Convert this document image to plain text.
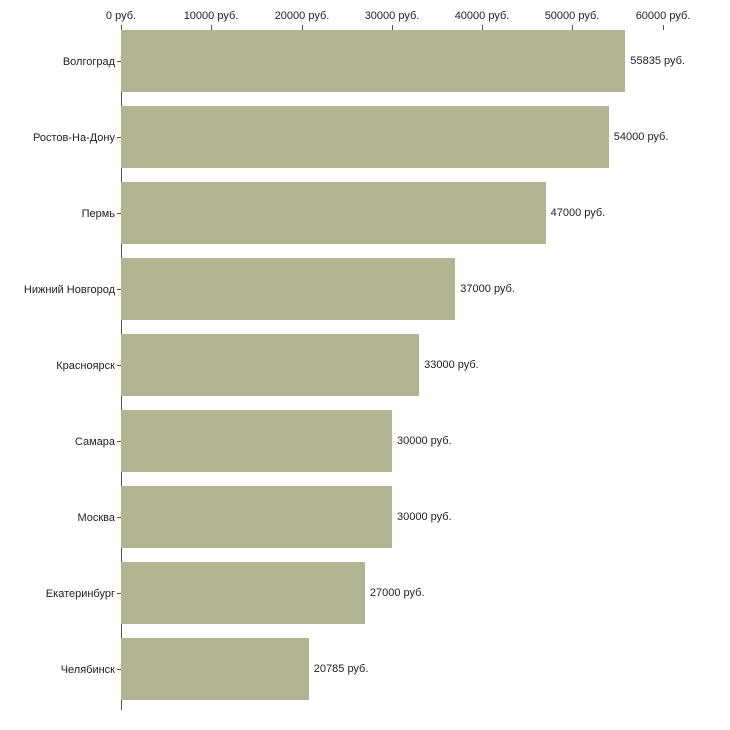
0 руб.	10000 руб.	20000 руб.	30000 руб.	40000 руб.	50000 руб.	60000 руб.
Волгоград
Ростов-На-Дону
Пермь
Нижний Новгород
Красноярск
Самара
Москва
Екатеринбург
Челябинск
55835 руб.
54000 руб.
47000 руб.
37000 руб.
33000 руб.
30000 руб.
30000 руб.
27000 руб.
20785 руб.
